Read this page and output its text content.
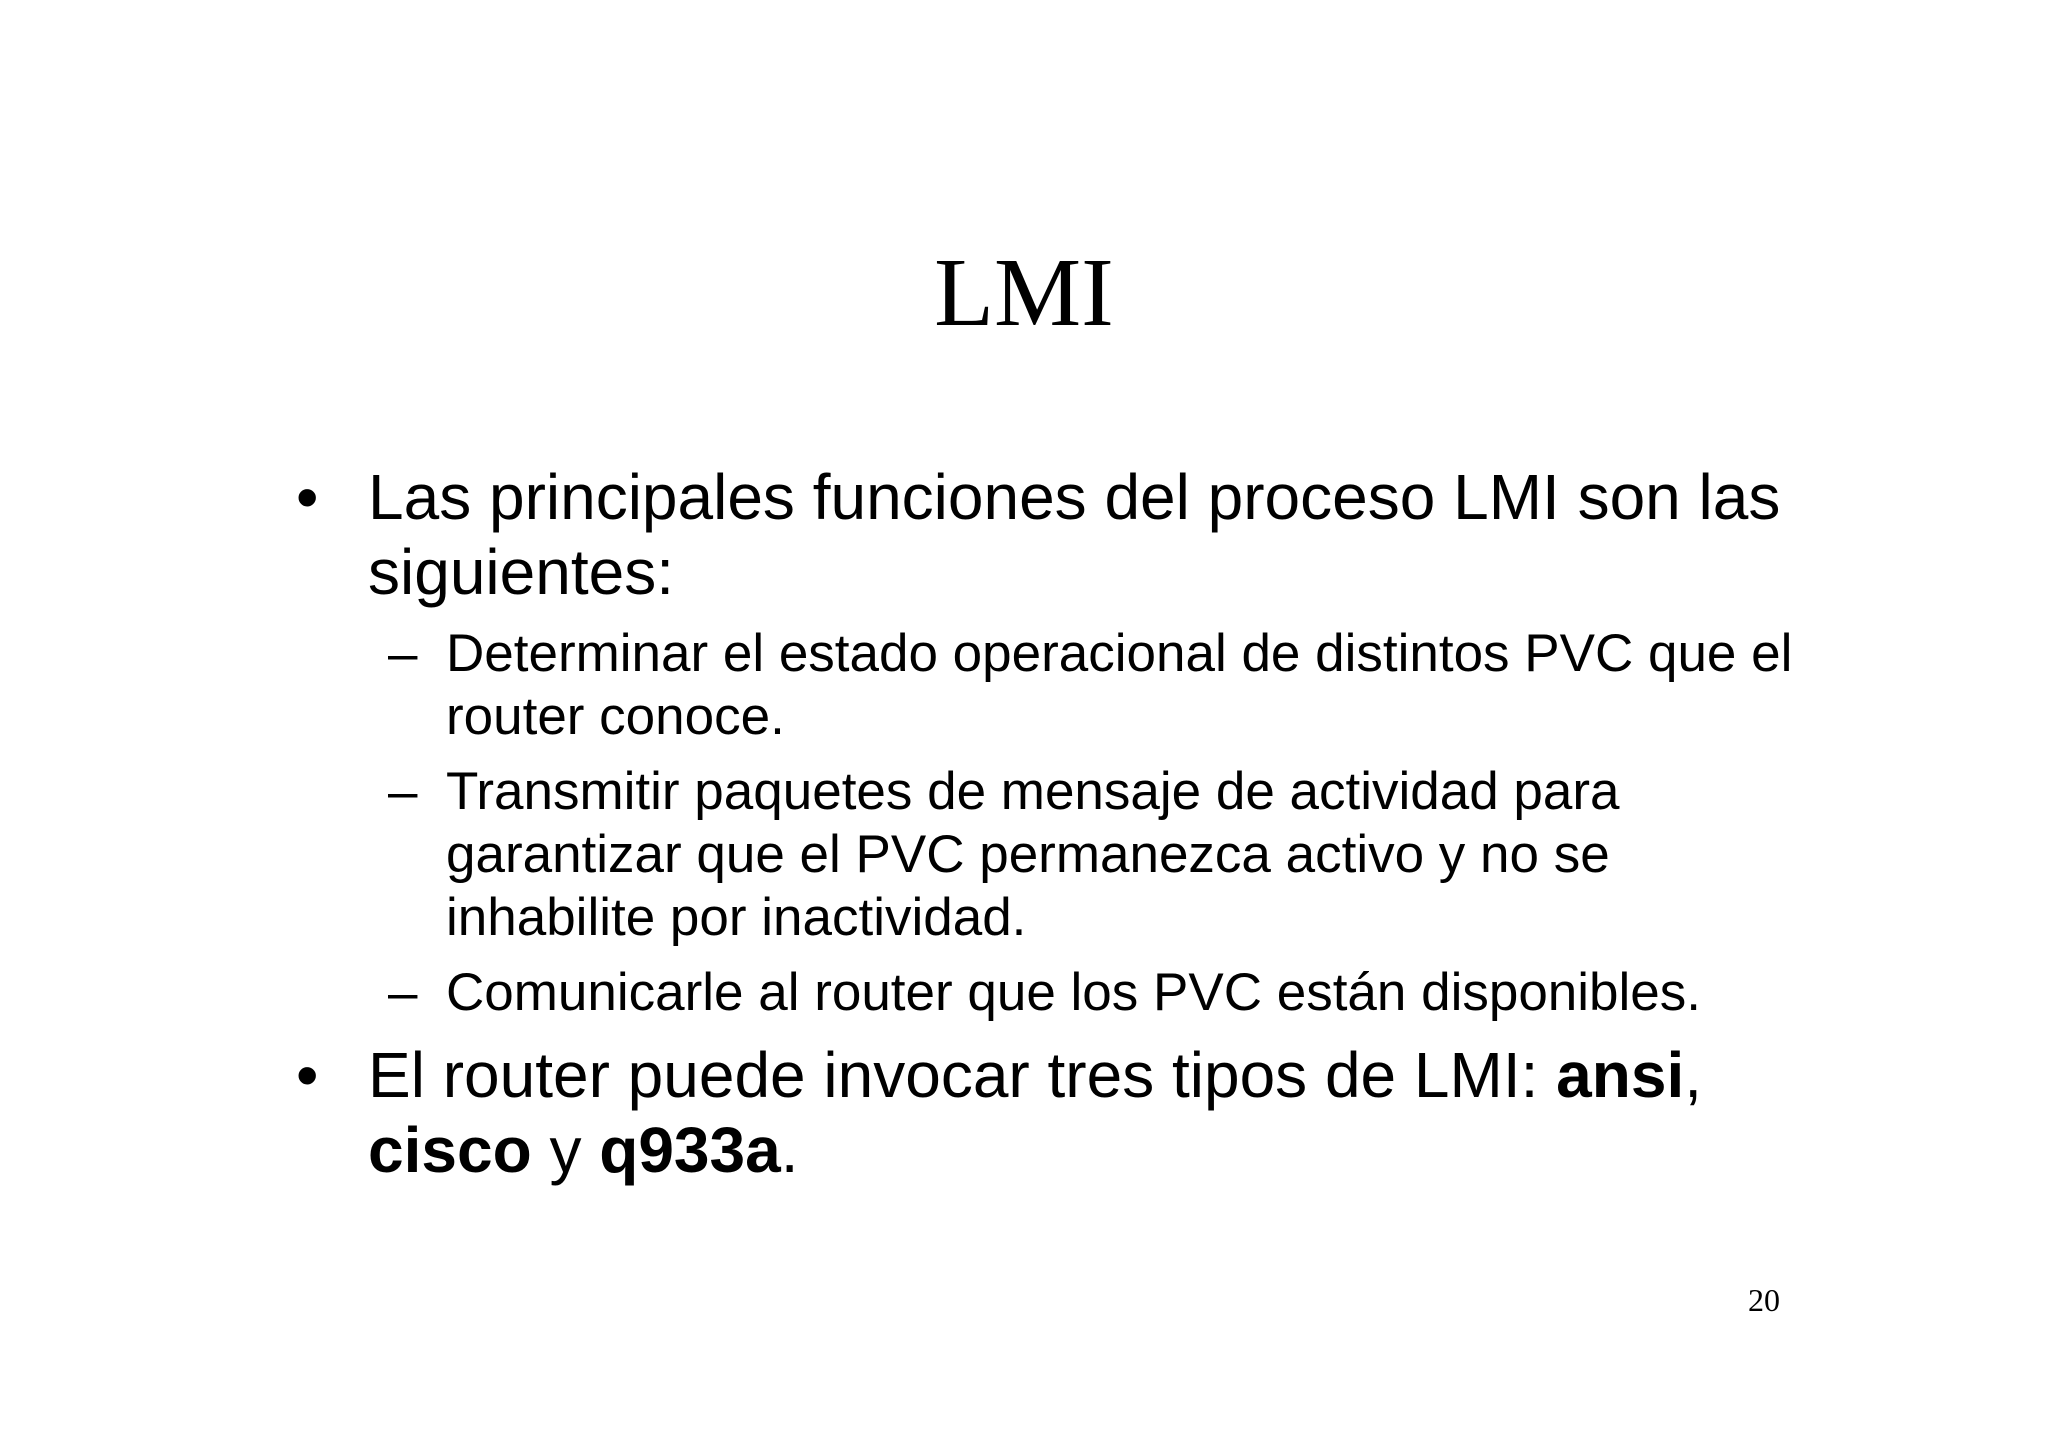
LMI
• Las principales funciones del proceso LMI son las siguientes:
– Determinar el estado operacional de distintos PVC que el router conoce.
– Transmitir paquetes de mensaje de actividad para garantizar que el PVC permanezca activo y no se inhabilite por inactividad.
– Comunicarle al router que los PVC están disponibles.
• El router puede invocar tres tipos de LMI: ansi, cisco y q933a.
20
